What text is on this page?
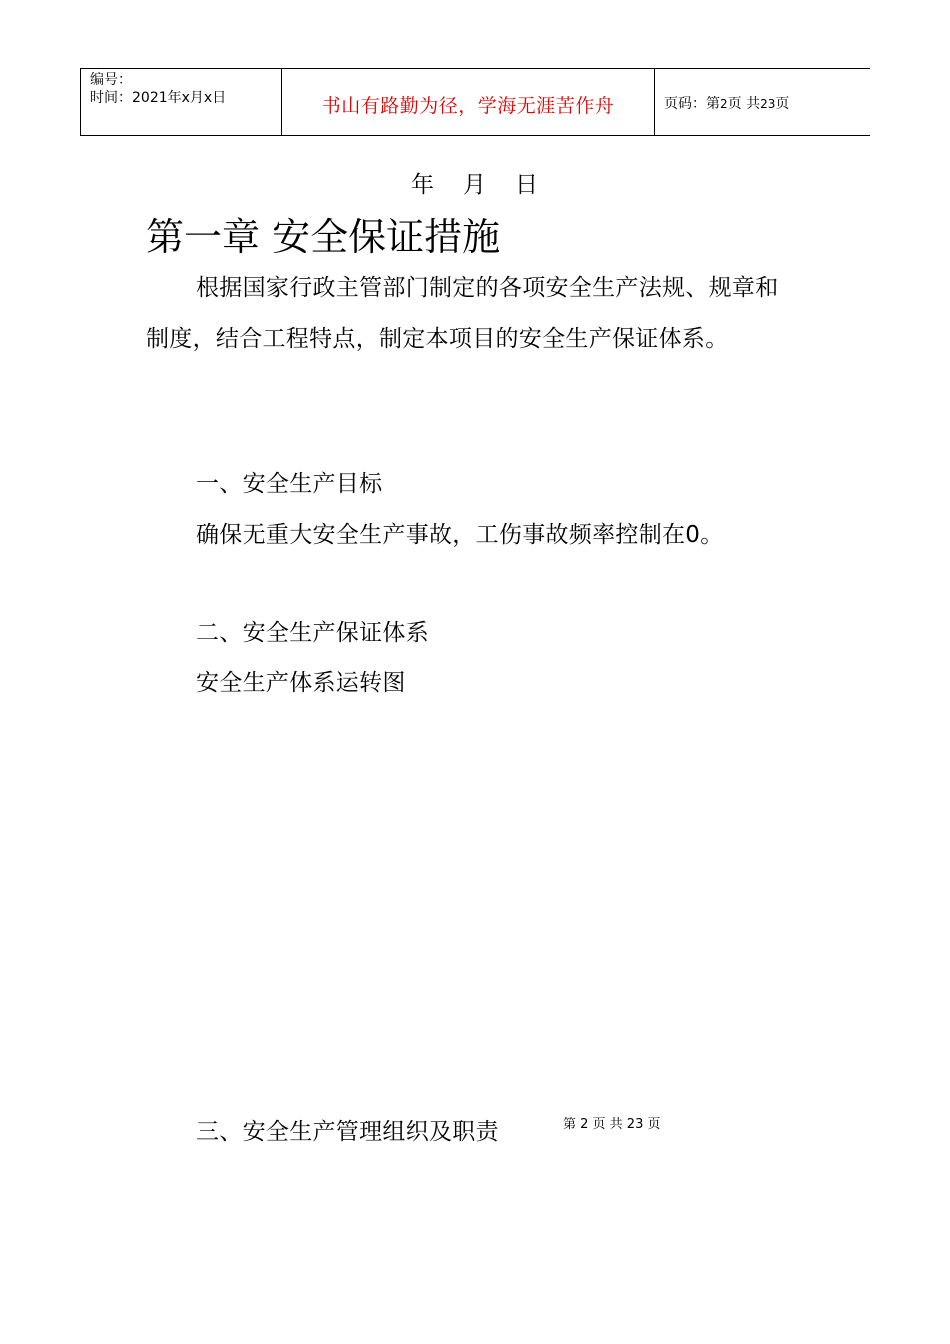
编号：
时间：2021年x月x日	书山有路勤为径，学海无涯苦作舟	页码：第2页 共23页
年 月 日
第一章 安全保证措施

根据国家行政主管部门制定的各项安全生产法规、规章和制度，结合工程特点，制定本项目的安全生产保证体系。

一、安全生产目标

确保无重大安全生产事故，工伤事故频率控制在0。

二、安全生产保证体系

安全生产体系运转图

三、安全生产管理组织及职责	第 2 页 共 23 页
